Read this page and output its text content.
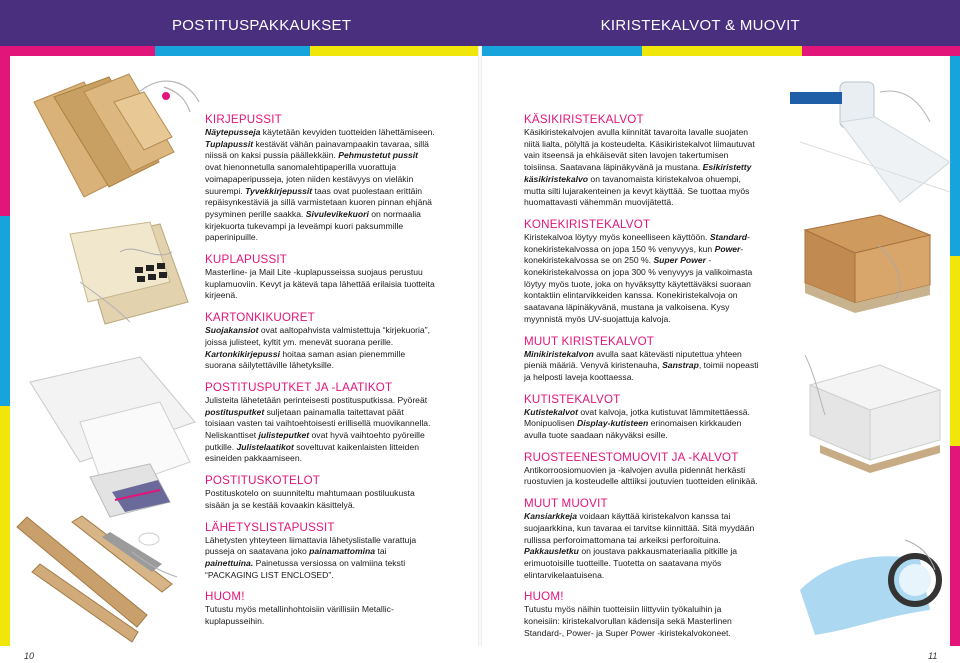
POSTITUSPAKKAUKSET	KIRISTEKALVOT & MUOVIT
KIRJEPUSSIT

Näytepusseja käytetään kevyiden tuotteiden lähettämiseen. Tuplapussit kestävät vähän painavampaakin tavaraa, sillä niissä on kaksi pussia päällekkäin. Pehmustetut pussit ovat hienonnetulla sanomalehtipaperilla vuorattuja voimapaperipusseja, joten niiden kestävyys on vieläkin suurempi. Tyvekkirjepussit taas ovat puolestaan erittäin repäisynkestäviä ja sillä varmistetaan kuoren pinnan ehjänä pysyminen perille saakka. Sivulevikekuori on normaalia kirjekuorta tukevampi ja leveämpi kuori paksummille paperinipuille.

KUPLAPUSSIT

Masterline- ja Mail Lite -kuplapusseissa suojaus perustuu kuplamuoviin. Kevyt ja kätevä tapa lähettää erilaisia tuotteita kirjeenä.

KARTONKIKUORET

Suojakansiot ovat aaltopahvista valmistettuja “kirjekuoria”, joissa julisteet, kyltit ym. menevät suorana perille. Kartonkikirjepussi hoitaa saman asian pienemmille suorana säilytettäville lähetyksille.

POSTITUSPUTKET JA -LAATIKOT

Julisteita lähetetään perinteisesti postitusputkissa. Pyöreät postitusputket suljetaan painamalla taitettavat päät toisiaan vasten tai vaihtoehtoisesti erillisellä muovikannella. Neliskanttiset julisteputket ovat hyvä vaihtoehto pyöreille putkille. Julistelaatikot soveltuvat kaikenlaisten litteiden esineiden pakkaamiseen.

POSTITUSKOTELOT

Postituskotelo on suunniteltu mahtumaan postiluukusta sisään ja se kestää kovaakin käsittelyä.

LÄHETYSLISTAPUSSIT

Lähetysten yhteyteen liimattavia lähetyslistalle varattuja pusseja on saatavana joko painamattomina tai painettuina. Painetussa versiossa on valmiina teksti “PACKAGING LIST ENCLOSED”.

HUOM!

Tutustu myös metallinhohtoisiin värillisiin Metallic-kuplapusseihin.

KÄSIKIRISTEKALVOT

Käsikiristekalvojen avulla kiinnität tavaroita lavalle suojaten niitä lialta, pölyltä ja kosteudelta. Käsikiristekalvot liimautuvat vain itseensä ja ehkäisevät siten lavojen takertumisen toisiinsa. Saatavana läpinäkyvänä ja mustana. Esikiristetty käsikiristekalvo on tavanomaista kiristekalvoa ohuempi, mutta silti lujarakenteinen ja kevyt käyttää. Se tuottaa myös huomattavasti vähemmän muovijätettä.

KONEKIRISTEKALVOT

Kiristekalvoa löytyy myös koneelliseen käyttöön. Standard-konekiristekalvossa on jopa 150 % venyvyys, kun Power-konekiristekalvossa se on 250 %. Super Power -konekiristekalvossa on jopa 300 % venyvyys ja valikoimasta löytyy myös tuote, joka on hyväksytty käytettäväksi suoraan kontaktiin elintarvikkeiden kanssa. Konekiristekalvoja on saatavana läpinäkyvänä, mustana ja valkoisena. Kysy myynnistä myös UV-suojattuja kalvoja.

MUUT KIRISTEKALVOT

Minikiristekalvon avulla saat kätevästi niputettua yhteen pieniä määriä. Venyvä kiristenauha, Sanstrap, toimii nopeasti ja helposti laveja koottaessa.

KUTISTEKALVOT

Kutistekalvot ovat kalvoja, jotka kutistuvat lämmitettäessä. Monipuolisen Display-kutisteen erinomaisen kirkkauden avulla tuote saadaan näkyväksi esille.

RUOSTEENESTOMUOVIT JA -KALVOT

Antikorroosiomuovien ja -kalvojen avulla pidennät herkästi ruostuvien ja kosteudelle alttiiksi joutuvien tuotteiden elinikää.

MUUT MUOVIT

Kansiarkkeja voidaan käyttää kiristekalvon kanssa tai suojaarkkina, kun tavaraa ei tarvitse kiinnittää. Sitä myydään rullissa perforoimattomana tai arkeiksi perforoituina. Pakkausletku on joustava pakkausmateriaalia pitkille ja erimuotoisille tuotteille. Tuotetta on saatavana myös elintarvikelaatuisena.

HUOM!

Tutustu myös näihin tuotteisiin liittyviin työkaluihin ja koneisiin: kiristekalvorullan kädensija sekä Masterlinen Standard-, Power- ja Super Power -kiristekalvokoneet.

10	11
